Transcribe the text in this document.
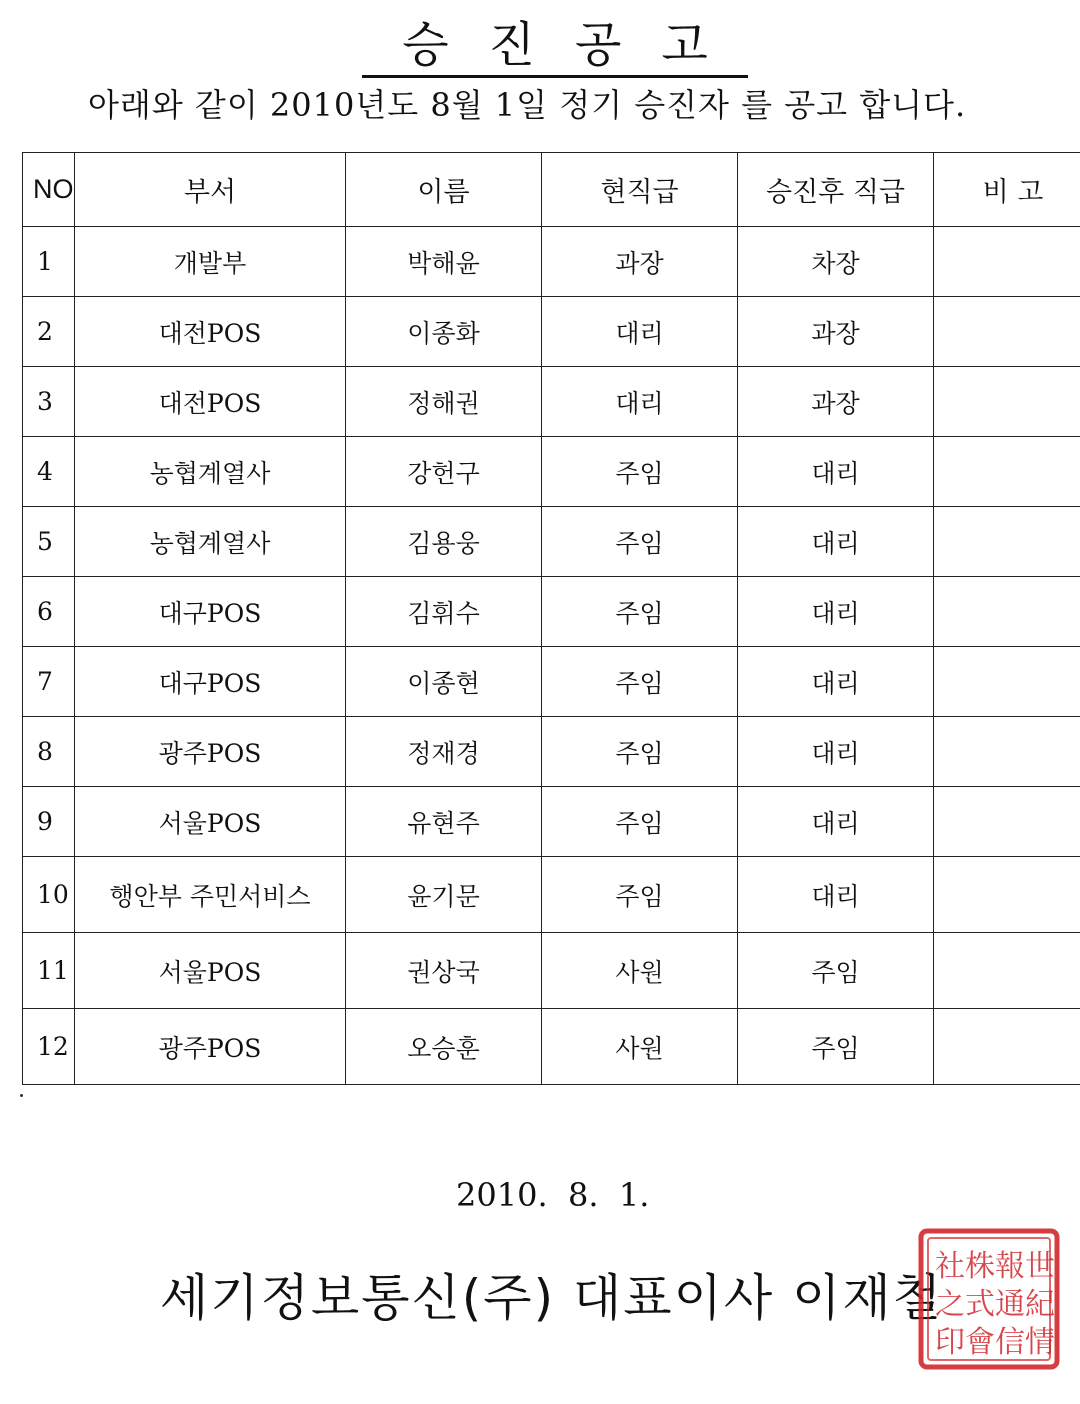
승진공고
아래와 같이 2010년도 8월 1일 정기 승진자 를 공고 합니다.
NO	부서	이름	현직급	승진후 직급	비 고
1	개발부	박해윤	과장	차장	
2	대전POS	이종화	대리	과장	
3	대전POS	정해권	대리	과장	
4	농협계열사	강헌구	주임	대리	
5	농협계열사	김용웅	주임	대리	
6	대구POS	김휘수	주임	대리	
7	대구POS	이종현	주임	대리	
8	광주POS	정재경	주임	대리	
9	서울POS	유현주	주임	대리	
10	행안부 주민서비스	윤기문	주임	대리	
11	서울POS	권상국	사원	주임	
12	광주POS	오승훈	사원	주임	
2010.  8.  1.
세기정보통신(주) 대표이사 이재철
世
紀
情
報
通
信
株
式
會
社
之
印
